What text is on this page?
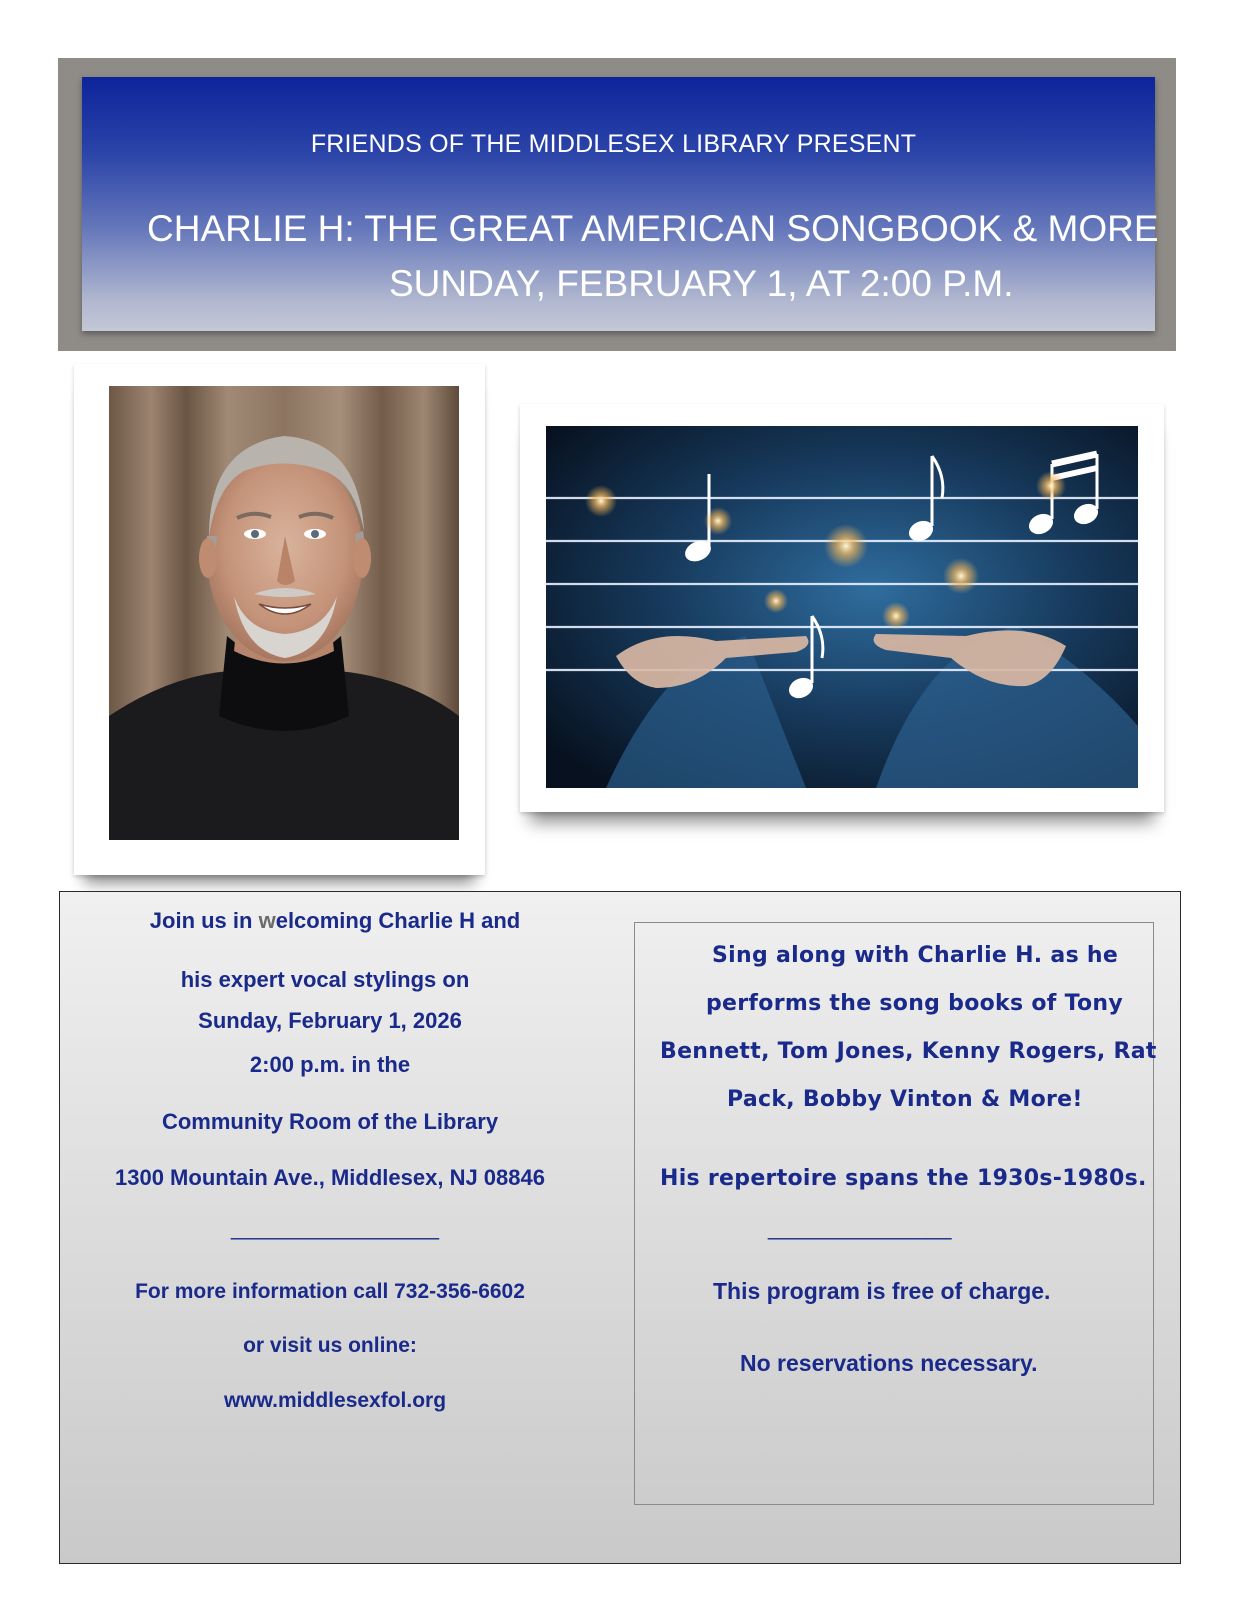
FRIENDS OF THE MIDDLESEX LIBRARY PRESENT
CHARLIE H: THE GREAT AMERICAN SONGBOOK & MORE
SUNDAY, FEBRUARY 1, AT 2:00 P.M.
Join us in welcoming Charlie H and
his expert vocal stylings on
Sunday, February 1, 2026
2:00 p.m. in the
Community Room of the Library
1300 Mountain Ave., Middlesex, NJ 08846
_________________
For more information call 732-356-6602
or visit us online:
www.middlesexfol.org
Sing along with Charlie H. as he
performs the song books of Tony
Bennett, Tom Jones, Kenny Rogers, Rat
Pack, Bobby Vinton & More!
His repertoire spans the 1930s-1980s.
_______________
This program is free of charge.
No reservations necessary.
